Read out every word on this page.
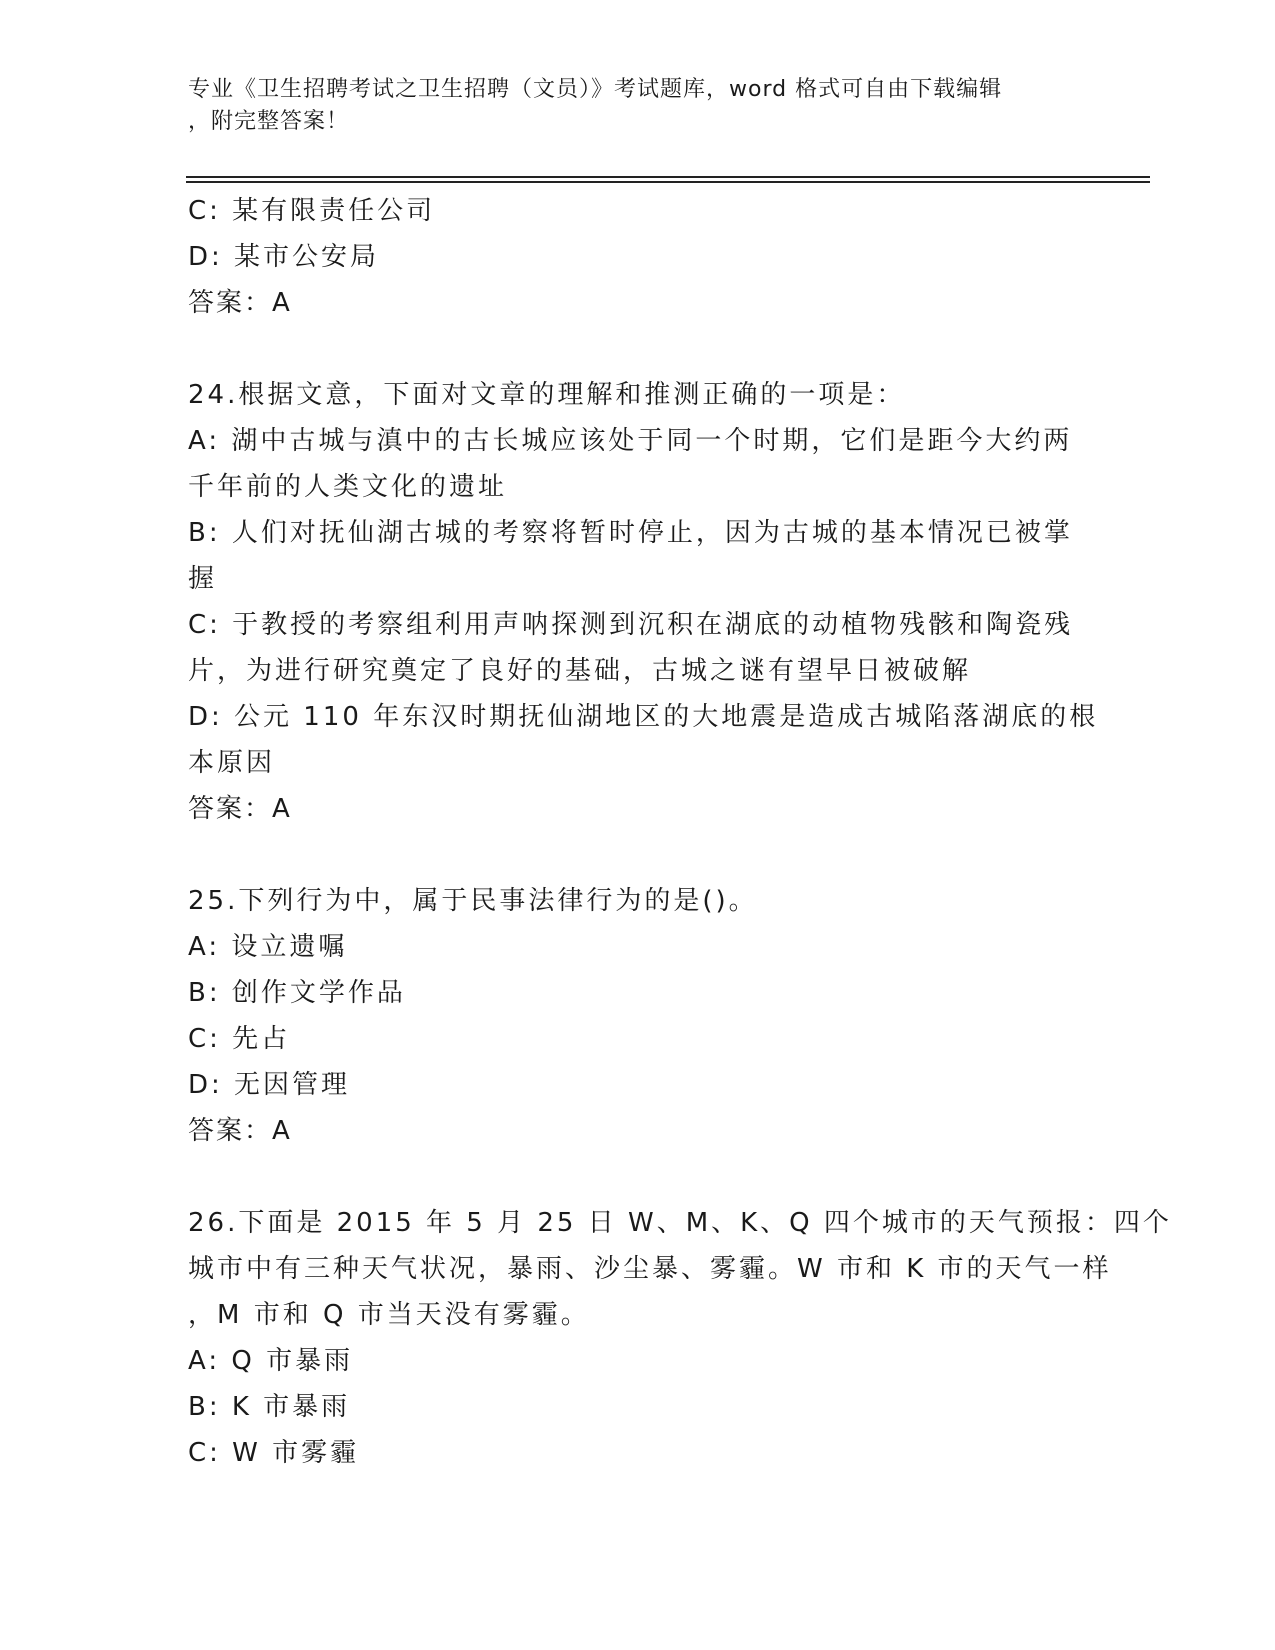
专业《卫生招聘考试之卫生招聘（文员）》考试题库，word 格式可自由下载编辑
，附完整答案！
C: 某有限责任公司
D: 某市公安局
答案：A
24.根据文意，下面对文章的理解和推测正确的一项是：
A: 湖中古城与滇中的古长城应该处于同一个时期，它们是距今大约两
千年前的人类文化的遗址
B: 人们对抚仙湖古城的考察将暂时停止，因为古城的基本情况已被掌
握
C: 于教授的考察组利用声呐探测到沉积在湖底的动植物残骸和陶瓷残
片，为进行研究奠定了良好的基础，古城之谜有望早日被破解
D: 公元 110 年东汉时期抚仙湖地区的大地震是造成古城陷落湖底的根
本原因
答案：A
25.下列行为中，属于民事法律行为的是()。
A: 设立遗嘱
B: 创作文学作品
C: 先占
D: 无因管理
答案：A
26.下面是 2015 年 5 月 25 日 W、M、K、Q 四个城市的天气预报：四个
城市中有三种天气状况，暴雨、沙尘暴、雾霾。W 市和 K 市的天气一样
，M 市和 Q 市当天没有雾霾。
A: Q 市暴雨
B: K 市暴雨
C: W 市雾霾
